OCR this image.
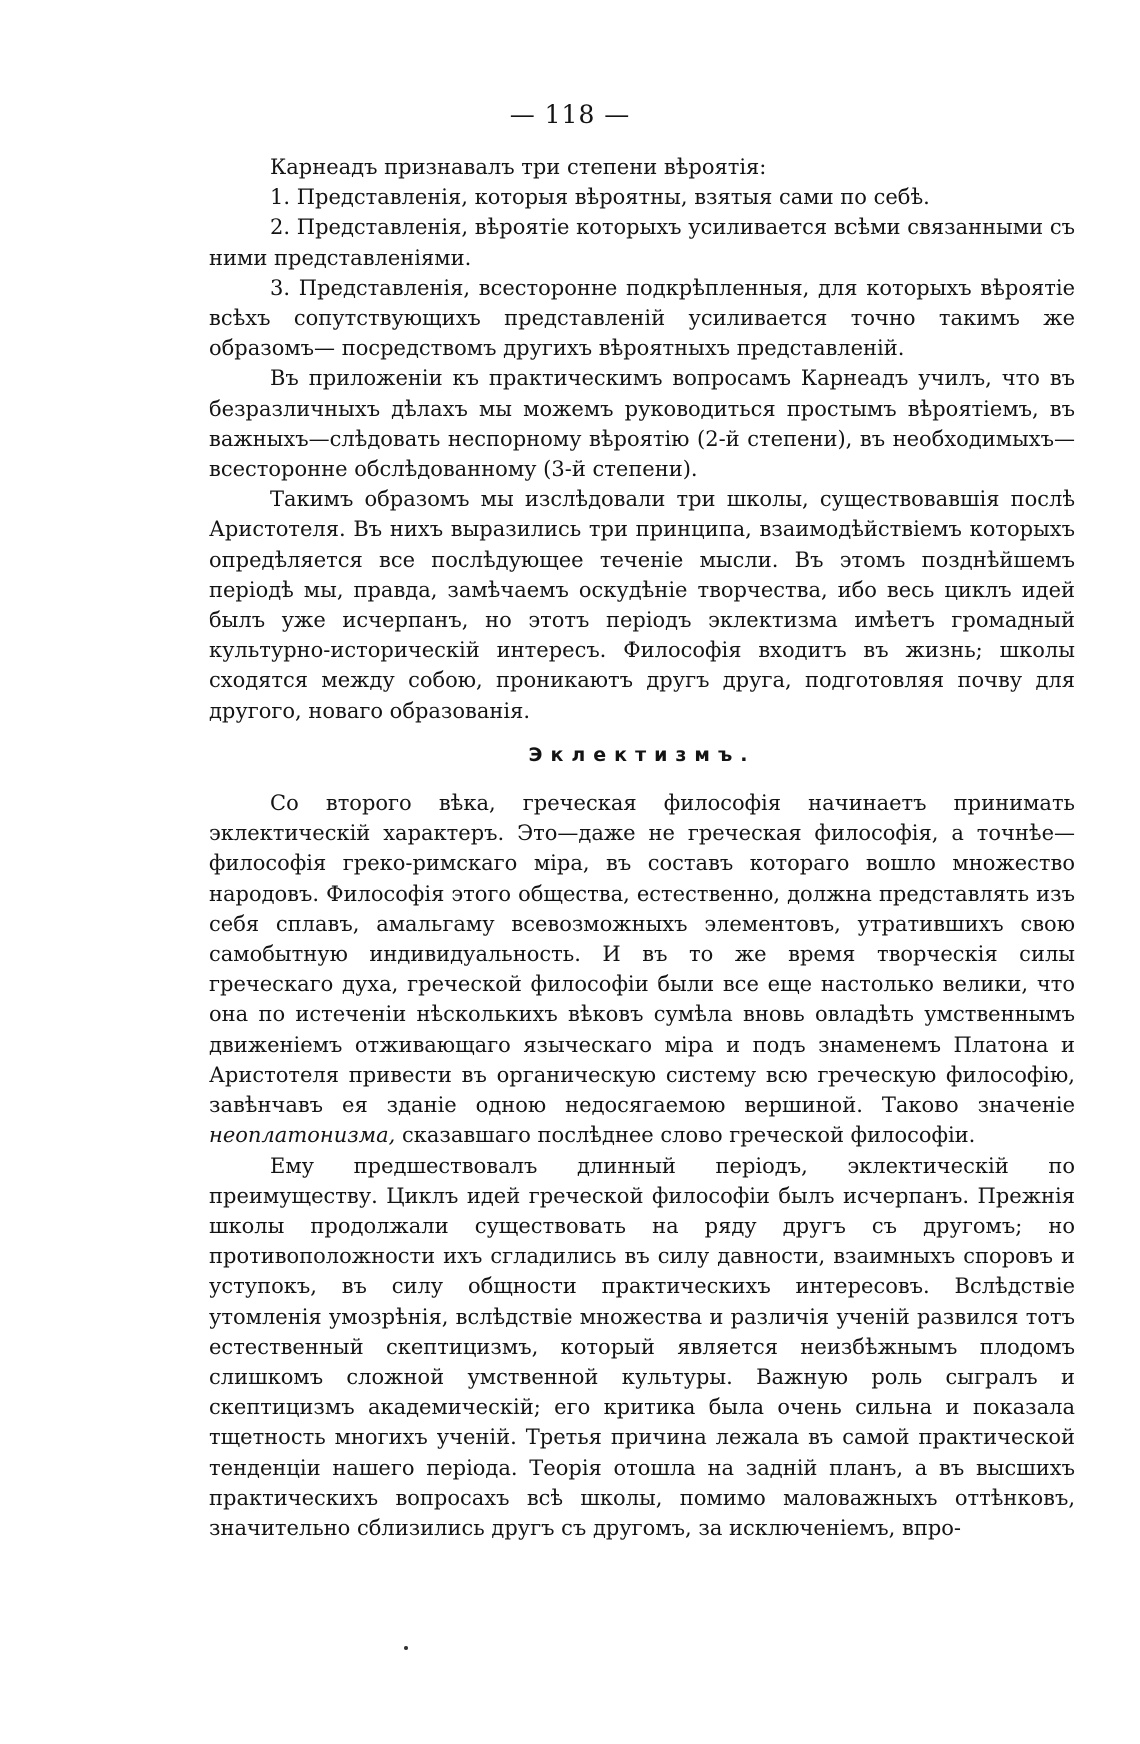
— 118 —

Карнеадъ признавалъ три степени вѣроятія:

1. Представленія, которыя вѣроятны, взятыя сами по себѣ.

2. Представленія, вѣроятіе которыхъ усиливается всѣми связанными съ ними представленіями.

3. Представленія, всесторонне подкрѣпленныя, для которыхъ вѣроятіе всѣхъ сопутствующихъ представленій усиливается точно такимъ же образомъ— посредствомъ другихъ вѣроятныхъ представленій.

Въ приложеніи къ практическимъ вопросамъ Карнеадъ училъ, что въ безразличныхъ дѣлахъ мы можемъ руководиться простымъ вѣроятіемъ, въ важныхъ—слѣдовать неспорному вѣроятію (2-й степени), въ необходимыхъ— всесторонне обслѣдованному (3-й степени).

Такимъ образомъ мы изслѣдовали три школы, существовавшія послѣ Аристотеля. Въ нихъ выразились три принципа, взаимодѣйствіемъ которыхъ опредѣляется все послѣдующее теченіе мысли. Въ этомъ позднѣйшемъ періодѣ мы, правда, замѣчаемъ оскудѣніе творчества, ибо весь циклъ идей былъ уже исчерпанъ, но этотъ періодъ эклектизма имѣетъ громадный культурно-историческій интересъ. Философія входитъ въ жизнь; школы сходятся между собою, проникаютъ другъ друга, подготовляя почву для другого, новаго образованія.

Эклектизмъ.

Со второго вѣка, греческая философія начинаетъ принимать эклектическій характеръ. Это—даже не греческая философія, а точнѣе—философія греко-римскаго міра, въ составъ котораго вошло множество народовъ. Философія этого общества, естественно, должна представлять изъ себя сплавъ, амальгаму всевозможныхъ элементовъ, утратившихъ свою самобытную индивидуальность. И въ то же время творческія силы греческаго духа, греческой философіи были все еще настолько велики, что она по истеченіи нѣсколькихъ вѣковъ сумѣла вновь овладѣть умственнымъ движеніемъ отживающаго языческаго міра и подъ знаменемъ Платона и Аристотеля привести въ органическую систему всю греческую философію, завѣнчавъ ея зданіе одною недосягаемою вершиной. Таково значеніе неоплатонизма, сказавшаго послѣднее слово греческой философіи.

Ему предшествовалъ длинный періодъ, эклектическій по преимуществу. Циклъ идей греческой философіи былъ исчерпанъ. Прежнія школы продолжали существовать на ряду другъ съ другомъ; но противоположности ихъ сгладились въ силу давности, взаимныхъ споровъ и уступокъ, въ силу общности практическихъ интересовъ. Вслѣдствіе утомленія умозрѣнія, вслѣдствіе множества и различія ученій развился тотъ естественный скептицизмъ, который является неизбѣжнымъ плодомъ слишкомъ сложной умственной культуры. Важную роль сыгралъ и скептицизмъ академическій; его критика была очень сильна и показала тщетность многихъ ученій. Третья причина лежала въ самой практической тенденціи нашего періода. Теорія отошла на задній планъ, а въ высшихъ практическихъ вопросахъ всѣ школы, помимо маловажныхъ оттѣнковъ, значительно сблизились другъ съ другомъ, за исключеніемъ, впро-
